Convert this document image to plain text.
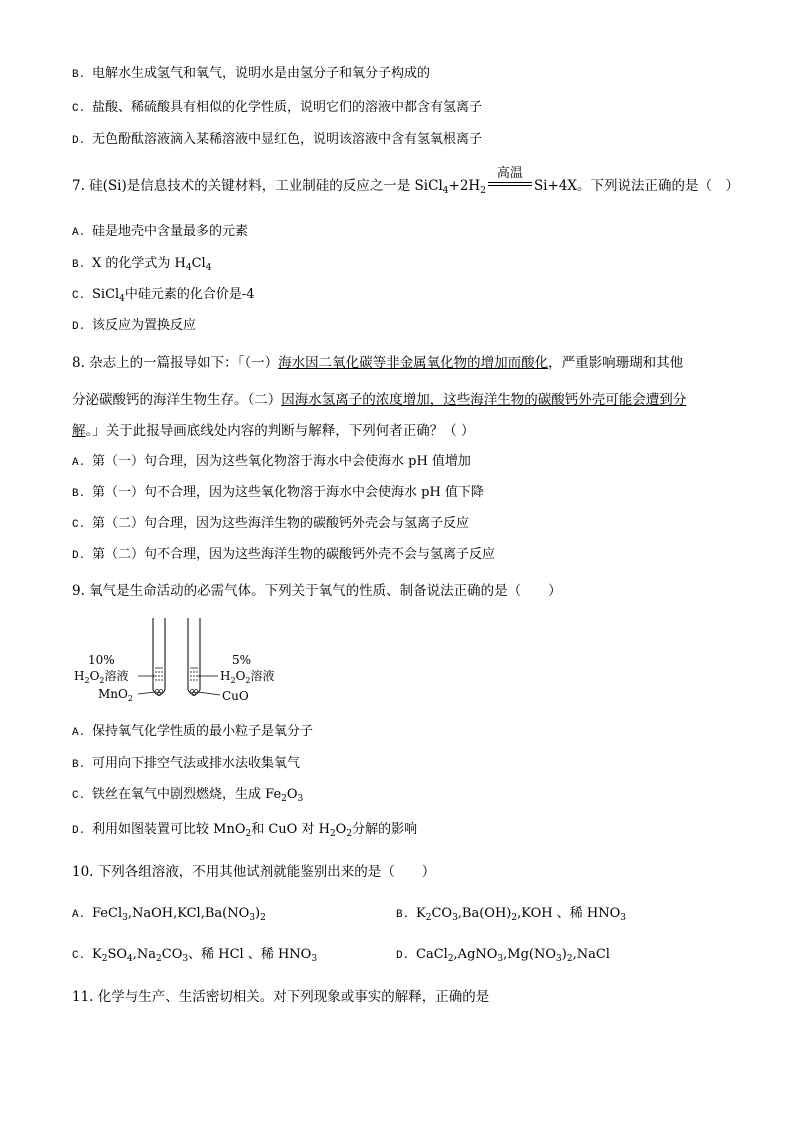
B. 电解水生成氢气和氧气，说明水是由氢分子和氧分子构成的
C. 盐酸、稀硫酸具有相似的化学性质，说明它们的溶液中都含有氢离子
D. 无色酚酞溶液滴入某稀溶液中显红色，说明该溶液中含有氢氧根离子
7. 硅(Si)是信息技术的关键材料，工业制硅的反应之一是 $SiCl_4+2H_2$
高温
Si+4X。下列说法正确的是（　）
A. 硅是地壳中含量最多的元素
B. X 的化学式为 $H_4Cl_4$
C. SiCl$_4$中硅元素的化合价是-4
D. 该反应为置换反应
8. 杂志上的一篇报导如下：「（一）海水因二氧化碳等非金属氧化物的增加而酸化，严重影响珊瑚和其他
分泌碳酸钙的海洋生物生存。（二）因海水氢离子的浓度增加，这些海洋生物的碳酸钙外壳可能会遭到分
解。」关于此报导画底线处内容的判断与解释，下列何者正确？（ ）
A. 第（一）句合理，因为这些氧化物溶于海水中会使海水 pH 值增加
B. 第（一）句不合理，因为这些氧化物溶于海水中会使海水 pH 值下降
C. 第（二）句合理，因为这些海洋生物的碳酸钙外壳会与氢离子反应
D. 第（二）句不合理，因为这些海洋生物的碳酸钙外壳不会与氢离子反应
9. 氧气是生命活动的必需气体。下列关于氧气的性质、制备说法正确的是（　　）
10%
$H_2O_2$溶液
MnO$_2$
5%
$H_2O_2$溶液
CuO
A. 保持氧气化学性质的最小粒子是氧分子
B. 可用向下排空气法或排水法收集氧气
C. 铁丝在氧气中剧烈燃烧，生成 $Fe_2O_3$
D. 利用如图装置可比较 MnO$_2$和 CuO 对 $H_2O_2$分解的影响
10. 下列各组溶液，不用其他试剂就能鉴别出来的是（　　）
A. $FeCl_3,NaOH,KCl,Ba(NO_3)_2$	B. $K_2CO_3,Ba(OH)_2,KOH$ 、稀 $HNO_3$
C. $K_2SO_4,Na_2CO_3$、稀 HCl 、稀 $HNO_3$	D. $CaCl_2,AgNO_3,Mg(NO_3)_2,NaCl$
11. 化学与生产、生活密切相关。对下列现象或事实的解释，正确的是
